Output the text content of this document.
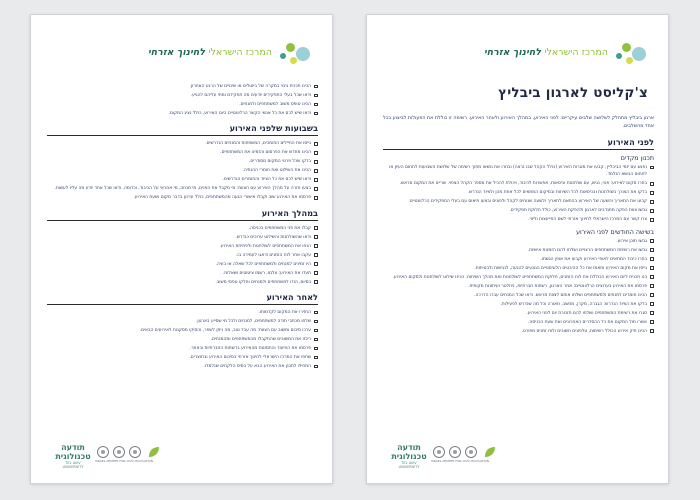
המרכז הישראלי לחינוך אזרחי
צ'קליסט לארגון ביבליץ
ארגון ביבליץ מתחלק לשלושה שלבים עיקריים: לפני האירוע, במהלך האירוע ולאחר האירוע. רשימה זו כוללת את הפעולות לביצוע בכל אחד מהשלבים.
לפני האירוע
תכנון מקדים
נפגש עם יזמי הביבליץ, קבעו את מטרות האירוע (כולל הקהל שבו נרצה) ובחרו את נושאו מתוך רשימה של שלושת השבועות לתחום העיון או לתחום הנושא הנלמד.
בחרו מקום לאירוע: פנוי, נגיש, עם שולחנות וכיסאות, אפשרות לכיבוד, ויכולת להכיל את מספר הקהל הצפוי. שריינו את המקום מראש.
בדקו את הצורך בשולחנות ובכיסאות לכל השיחות ובמיקום המתאים לכל אחת מהן ולציוד הנדרש.
קבעו את התאריך והשעה של האירוע בהתאם לתאריך ולשעה שנוחים לקהל ולפונים ובצעו תיאום עם בעלי התפקידים הרלוונטיים.
גבשו צוות הפקה מתנדבים לארגון ולהפקת האירוע, כולל חלוקת תפקידים.
צרו קשר עם המרכז הישראלי לחינוך אזרחי לשם התייעצות וליווי.
בשישה החודשים לפני האירוע
גבשו תוכן אירוע.
גבשו את רשימת המשתתפים הרצויים ושלחו להם הזמנות אישיות.
בחרו כיבוד המתאים לאופי האירוע וקבעו את אופן הגשתו.
גייסו את מקום האירוע ותאמו את כל ההיבטים הלוגיסטיים הנוגעים להגעה, לנגישות ולבטיחות.
בנו תכנית ליום האירוע הכוללת את לוח הזמנים, חלוקת המשתתפים לשולחנות ואת מהלך השיחות. הכינו שילוט לשולחנות ולמקום האירוע.
פרסמו את האירוע בערוצים הרלוונטיים: אתר הארגון, רשתות חברתיות, ניוזלטר ועיתונות מקומית.
הכינו חומרים למנחים ולמשתתפים ושלחו אותם לצוות מראש. ודאו שכל המנחים עברו הדרכה.
בדקו את הציוד הנדרש: הגברה, מקרן, מחשב, תאורה וכל מה שנדרש לפעילות.
סגרו את רשימת המשתתפים ושלחו להם תזכורת יום לפני האירוע.
אשרו מול המקום את כל ההסדרים האחרונים ואת שעת הכניסה.
הכינו תיק אירוע הכולל רשימות, טלפונים חשובים ולוח זמנים מפורט.
תודעה
טכנולוגית
TEL AVIV UNIVERSITY
ISRAEL CENTER FOR CIVIC EDUCATION
המרכז הישראלי לחינוך אזרחי
הכינו תכנית גיבוי במקרה של ביטולים או שינויים של הרגע האחרון.
ודאו שכל בעלי התפקידים יודעים מה תפקידם ומתי עליהם להגיע.
הכינו טופס משוב למשתתפים ולמנחים.
ודאו שיש לכם את כל אנשי הקשר הרלוונטיים ביום האירוע, כולל נציג המקום.
בשבועות שלפני האירוע
גייסו את החיילים התומכים, המשפחות והמנחים הנדרשים.
הכינו מחדש את הפרסום והזמינו את המשתתפים.
בדקו שכל פרטי המקום מסודרים.
הכינו את השילוט ואת חומרי ההנחיה.
ודאו שיש לכם את כל הציוד והחומרים הנדרשים.
בצעו חזרה על מהלך האירוע עם הצוות: מי מקבל את הפנים, מי מנחה, מי אחראי על הכיבוד, וכדומה. ודאו שכל אחד יודע מה עליו לעשות.
פרסמו את האירוע שוב וקבלו אישורי הגעה מהמשתתפים, כולל עדכון בדבר מקום ושעת האירוע.
במהלך האירוע
קבלו את פני המשתתפים בכניסה.
ודאו שהשולחנות והשילוט ערוכים כנדרש.
הנחו את המשתתפים לשולחנות ולפתיחת האירוע.
עקבו אחר לוח הזמנים ודאגו לעמידה בו.
היו זמינים למנחים ולמשתתפים לכל שאלה או בעיה.
תעדו את האירוע: צלמו, רשמו ציטוטים ושאלות.
בסיום, הודו למשתתפים ולמנחים וחלקו טפסי משוב.
לאחר האירוע
החזירו את המקום לקדמותו.
שלחו מכתבי תודה למשתתפים, למנחים ולכל מי שסייע בארגון.
ערכו סיכום ומשוב עם הצוות: מה עבד טוב, מה ניתן לשפר, והסיקו מסקנות לאירועים הבאים.
ריכזו את המשובים שהתקבלו מהמשתתפים ומהמנחים.
פרסמו את התיעוד והתמונות מהאירוע ברשתות החברתיות ובאתר.
שתפו את המרכז הישראלי לחינוך אזרחי בסיכום האירוע ובתוצרים.
התחילו לתכנן את האירוע הבא על בסיס הלקחים שנלמדו.
תודעה
טכנולוגית
TEL AVIV UNIVERSITY
ISRAEL CENTER FOR CIVIC EDUCATION
